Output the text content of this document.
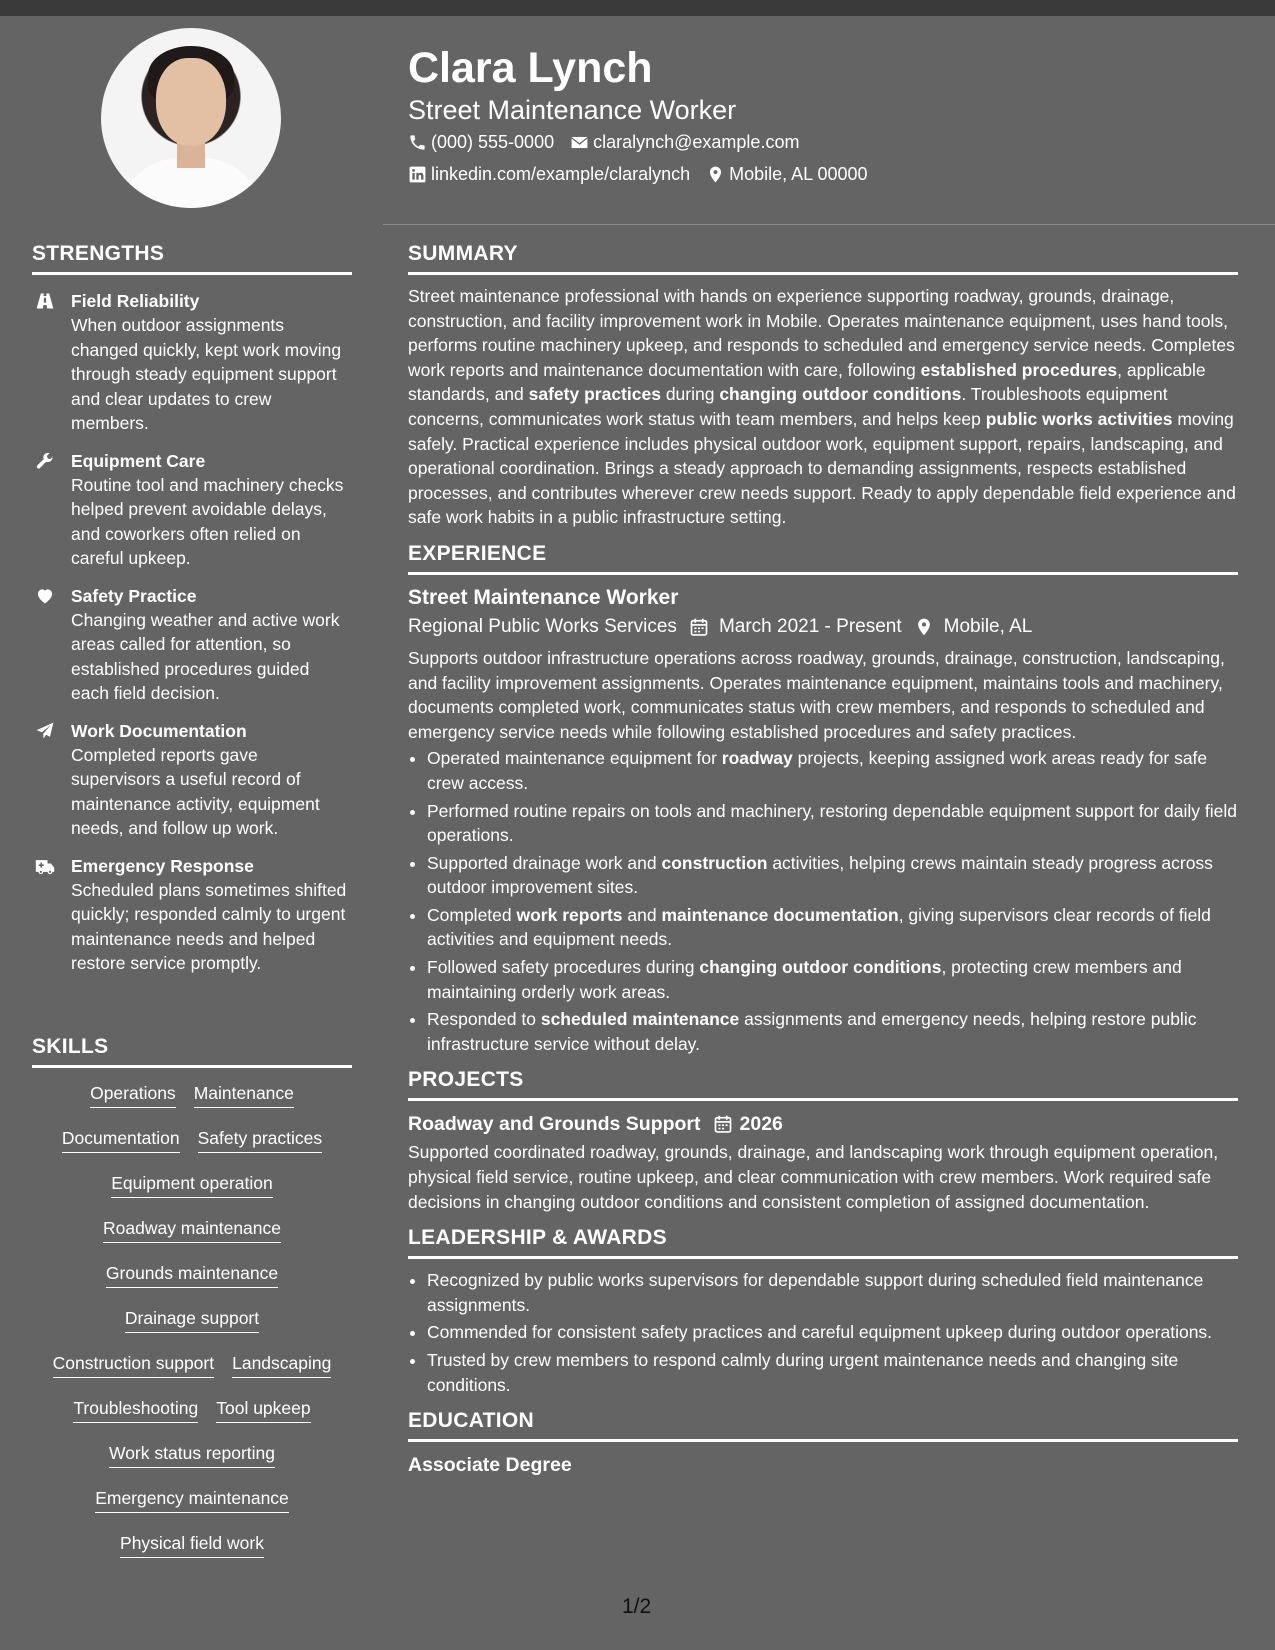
Clara Lynch
Street Maintenance Worker
(000) 555-0000 claralynch@example.com
linkedin.com/example/claralynch Mobile, AL 00000
STRENGTHS
Field Reliability
When outdoor assignments changed quickly, kept work moving through steady equipment support and clear updates to crew members.
Equipment Care
Routine tool and machinery checks helped prevent avoidable delays, and coworkers often relied on careful upkeep.
Safety Practice
Changing weather and active work areas called for attention, so established procedures guided each field decision.
Work Documentation
Completed reports gave supervisors a useful record of maintenance activity, equipment needs, and follow up work.
Emergency Response
Scheduled plans sometimes shifted quickly; responded calmly to urgent maintenance needs and helped restore service promptly.
SKILLS
Operations Maintenance
Documentation Safety practices
Equipment operation
Roadway maintenance
Grounds maintenance
Drainage support
Construction support Landscaping
Troubleshooting Tool upkeep
Work status reporting
Emergency maintenance
Physical field work
SUMMARY
Street maintenance professional with hands on experience supporting roadway, grounds, drainage, construction, and facility improvement work in Mobile. Operates maintenance equipment, uses hand tools, performs routine machinery upkeep, and responds to scheduled and emergency service needs. Completes work reports and maintenance documentation with care, following established procedures, applicable standards, and safety practices during changing outdoor conditions. Troubleshoots equipment concerns, communicates work status with team members, and helps keep public works activities moving safely. Practical experience includes physical outdoor work, equipment support, repairs, landscaping, and operational coordination. Brings a steady approach to demanding assignments, respects established processes, and contributes wherever crew needs support. Ready to apply dependable field experience and safe work habits in a public infrastructure setting.
EXPERIENCE
Street Maintenance Worker
Regional Public Works Services March 2021 - Present Mobile, AL
Supports outdoor infrastructure operations across roadway, grounds, drainage, construction, landscaping, and facility improvement assignments. Operates maintenance equipment, maintains tools and machinery, documents completed work, communicates status with crew members, and responds to scheduled and emergency service needs while following established procedures and safety practices.
• Operated maintenance equipment for roadway projects, keeping assigned work areas ready for safe crew access.
• Performed routine repairs on tools and machinery, restoring dependable equipment support for daily field operations.
• Supported drainage work and construction activities, helping crews maintain steady progress across outdoor improvement sites.
• Completed work reports and maintenance documentation, giving supervisors clear records of field activities and equipment needs.
• Followed safety procedures during changing outdoor conditions, protecting crew members and maintaining orderly work areas.
• Responded to scheduled maintenance assignments and emergency needs, helping restore public infrastructure service without delay.
PROJECTS
Roadway and Grounds Support 2026
Supported coordinated roadway, grounds, drainage, and landscaping work through equipment operation, physical field service, routine upkeep, and clear communication with crew members. Work required safe decisions in changing outdoor conditions and consistent completion of assigned documentation.
LEADERSHIP & AWARDS
• Recognized by public works supervisors for dependable support during scheduled field maintenance assignments.
• Commended for consistent safety practices and careful equipment upkeep during outdoor operations.
• Trusted by crew members to respond calmly during urgent maintenance needs and changing site conditions.
EDUCATION
Associate Degree
1/2
